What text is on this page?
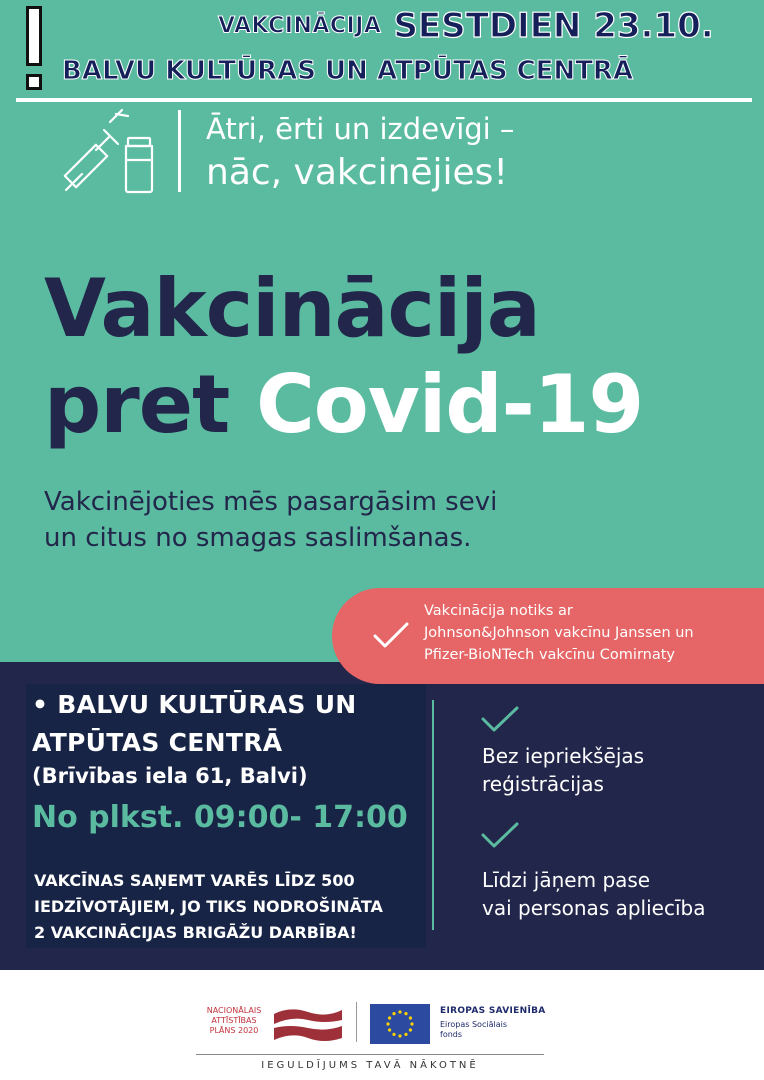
VAKCINĀCIJA SESTDIEN 23.10.
BALVU KULTŪRAS UN ATPŪTAS CENTRĀ
Ātri, ērti un izdevīgi –
nāc, vakcinējies!
Vakcinācija
pret Covid-19
Vakcinējoties mēs pasargāsim sevi
un citus no smagas saslimšanas.
Vakcinācija notiks ar
Johnson&Johnson vakcīnu Janssen un
Pfizer-BioNTech vakcīnu Comirnaty
• BALVU KULTŪRAS UN
ATPŪTAS CENTRĀ
(Brīvības iela 61, Balvi)
No plkst. 09:00- 17:00
VAKCĪNAS SAŅEMT VARĒS LĪDZ 500
IEDZĪVOTĀJIEM, JO TIKS NODROŠINĀTA
2 VAKCINĀCIJAS BRIGĀŽU DARBĪBA!
Bez iepriekšējas
reģistrācijas
Līdzi jāņem pase
vai personas apliecība
NACIONĀLAIS
ATTĪSTĪBAS
PLĀNS 2020
EIROPAS SAVIENĪBA
Eiropas Sociālais
fonds
IEGULDĪJUMS TAVĀ NĀKOTNĒ
